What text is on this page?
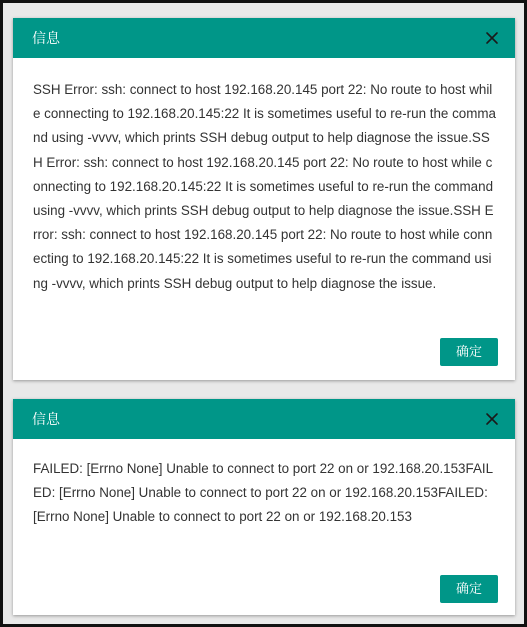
信息
SSH Error: ssh: connect to host 192.168.20.145 port 22: No route to host while connecting to 192.168.20.145:22 It is sometimes useful to re-run the command using -vvvv, which prints SSH debug output to help diagnose the issue.SSH Error: ssh: connect to host 192.168.20.145 port 22: No route to host while connecting to 192.168.20.145:22 It is sometimes useful to re-run the command using -vvvv, which prints SSH debug output to help diagnose the issue.SSH Error: ssh: connect to host 192.168.20.145 port 22: No route to host while connecting to 192.168.20.145:22 It is sometimes useful to re-run the command using -vvvv, which prints SSH debug output to help diagnose the issue.
确定
信息
FAILED: [Errno None] Unable to connect to port 22 on or 192.168.20.153FAILED: [Errno None] Unable to connect to port 22 on or 192.168.20.153FAILED: [Errno None] Unable to connect to port 22 on or 192.168.20.153
确定
